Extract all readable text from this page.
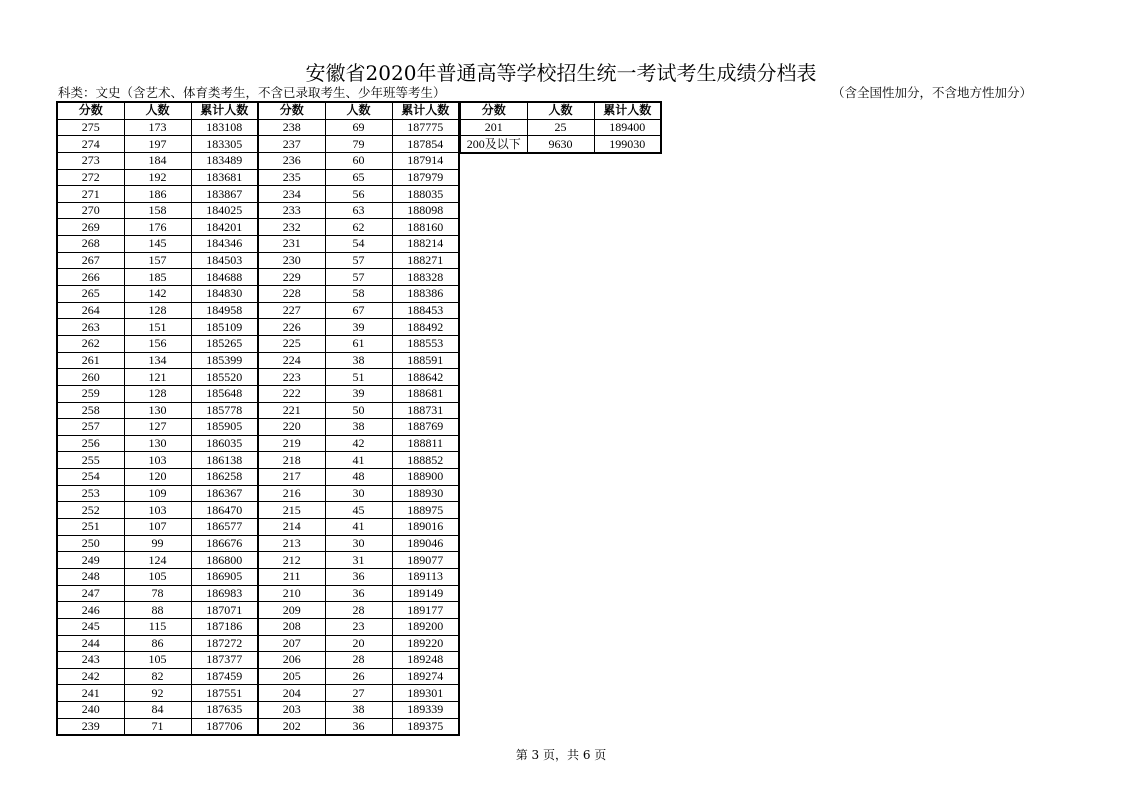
安徽省2020年普通高等学校招生统一考试考生成绩分档表
科类：文史（含艺术、体育类考生，不含已录取考生、少年班等考生）	（含全国性加分，不含地方性加分）
分数	人数	累计人数	分数	人数	累计人数
275	173	183108	238	69	187775
274	197	183305	237	79	187854
273	184	183489	236	60	187914
272	192	183681	235	65	187979
271	186	183867	234	56	188035
270	158	184025	233	63	188098
269	176	184201	232	62	188160
268	145	184346	231	54	188214
267	157	184503	230	57	188271
266	185	184688	229	57	188328
265	142	184830	228	58	188386
264	128	184958	227	67	188453
263	151	185109	226	39	188492
262	156	185265	225	61	188553
261	134	185399	224	38	188591
260	121	185520	223	51	188642
259	128	185648	222	39	188681
258	130	185778	221	50	188731
257	127	185905	220	38	188769
256	130	186035	219	42	188811
255	103	186138	218	41	188852
254	120	186258	217	48	188900
253	109	186367	216	30	188930
252	103	186470	215	45	188975
251	107	186577	214	41	189016
250	99	186676	213	30	189046
249	124	186800	212	31	189077
248	105	186905	211	36	189113
247	78	186983	210	36	189149
246	88	187071	209	28	189177
245	115	187186	208	23	189200
244	86	187272	207	20	189220
243	105	187377	206	28	189248
242	82	187459	205	26	189274
241	92	187551	204	27	189301
240	84	187635	203	38	189339
239	71	187706	202	36	189375
分数	人数	累计人数
201	25	189400
200及以下	9630	199030
第 3 页，共 6 页
